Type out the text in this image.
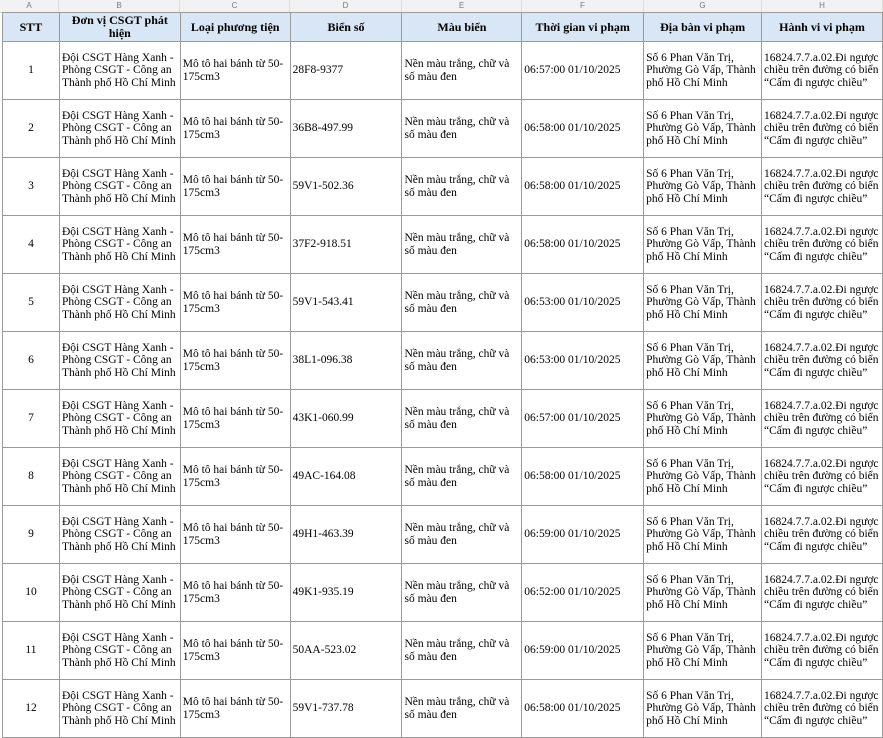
A	B	C	D	E	F	G	H
STT	Đơn vị CSGT phát hiện	Loại phương tiện	Biển số	Màu biển	Thời gian vi phạm	Địa bàn vi phạm	Hành vi vi phạm
1	Đội CSGT Hàng Xanh - Phòng CSGT - Công an Thành phố Hồ Chí Minh	Mô tô hai bánh từ 50-175cm3	28F8-9377	Nền màu trắng, chữ và số màu đen	06:57:00 01/10/2025	Số 6 Phan Văn Trị, Phường Gò Vấp, Thành phố Hồ Chí Minh	16824.7.7.a.02.Đi ngược chiều trên đường có biển “Cấm đi ngược chiều”
2	Đội CSGT Hàng Xanh - Phòng CSGT - Công an Thành phố Hồ Chí Minh	Mô tô hai bánh từ 50-175cm3	36B8-497.99	Nền màu trắng, chữ và số màu đen	06:58:00 01/10/2025	Số 6 Phan Văn Trị, Phường Gò Vấp, Thành phố Hồ Chí Minh	16824.7.7.a.02.Đi ngược chiều trên đường có biển “Cấm đi ngược chiều”
3	Đội CSGT Hàng Xanh - Phòng CSGT - Công an Thành phố Hồ Chí Minh	Mô tô hai bánh từ 50-175cm3	59V1-502.36	Nền màu trắng, chữ và số màu đen	06:58:00 01/10/2025	Số 6 Phan Văn Trị, Phường Gò Vấp, Thành phố Hồ Chí Minh	16824.7.7.a.02.Đi ngược chiều trên đường có biển “Cấm đi ngược chiều”
4	Đội CSGT Hàng Xanh - Phòng CSGT - Công an Thành phố Hồ Chí Minh	Mô tô hai bánh từ 50-175cm3	37F2-918.51	Nền màu trắng, chữ và số màu đen	06:58:00 01/10/2025	Số 6 Phan Văn Trị, Phường Gò Vấp, Thành phố Hồ Chí Minh	16824.7.7.a.02.Đi ngược chiều trên đường có biển “Cấm đi ngược chiều”
5	Đội CSGT Hàng Xanh - Phòng CSGT - Công an Thành phố Hồ Chí Minh	Mô tô hai bánh từ 50-175cm3	59V1-543.41	Nền màu trắng, chữ và số màu đen	06:53:00 01/10/2025	Số 6 Phan Văn Trị, Phường Gò Vấp, Thành phố Hồ Chí Minh	16824.7.7.a.02.Đi ngược chiều trên đường có biển “Cấm đi ngược chiều”
6	Đội CSGT Hàng Xanh - Phòng CSGT - Công an Thành phố Hồ Chí Minh	Mô tô hai bánh từ 50-175cm3	38L1-096.38	Nền màu trắng, chữ và số màu đen	06:53:00 01/10/2025	Số 6 Phan Văn Trị, Phường Gò Vấp, Thành phố Hồ Chí Minh	16824.7.7.a.02.Đi ngược chiều trên đường có biển “Cấm đi ngược chiều”
7	Đội CSGT Hàng Xanh - Phòng CSGT - Công an Thành phố Hồ Chí Minh	Mô tô hai bánh từ 50-175cm3	43K1-060.99	Nền màu trắng, chữ và số màu đen	06:57:00 01/10/2025	Số 6 Phan Văn Trị, Phường Gò Vấp, Thành phố Hồ Chí Minh	16824.7.7.a.02.Đi ngược chiều trên đường có biển “Cấm đi ngược chiều”
8	Đội CSGT Hàng Xanh - Phòng CSGT - Công an Thành phố Hồ Chí Minh	Mô tô hai bánh từ 50-175cm3	49AC-164.08	Nền màu trắng, chữ và số màu đen	06:58:00 01/10/2025	Số 6 Phan Văn Trị, Phường Gò Vấp, Thành phố Hồ Chí Minh	16824.7.7.a.02.Đi ngược chiều trên đường có biển “Cấm đi ngược chiều”
9	Đội CSGT Hàng Xanh - Phòng CSGT - Công an Thành phố Hồ Chí Minh	Mô tô hai bánh từ 50-175cm3	49H1-463.39	Nền màu trắng, chữ và số màu đen	06:59:00 01/10/2025	Số 6 Phan Văn Trị, Phường Gò Vấp, Thành phố Hồ Chí Minh	16824.7.7.a.02.Đi ngược chiều trên đường có biển “Cấm đi ngược chiều”
10	Đội CSGT Hàng Xanh - Phòng CSGT - Công an Thành phố Hồ Chí Minh	Mô tô hai bánh từ 50-175cm3	49K1-935.19	Nền màu trắng, chữ và số màu đen	06:52:00 01/10/2025	Số 6 Phan Văn Trị, Phường Gò Vấp, Thành phố Hồ Chí Minh	16824.7.7.a.02.Đi ngược chiều trên đường có biển “Cấm đi ngược chiều”
11	Đội CSGT Hàng Xanh - Phòng CSGT - Công an Thành phố Hồ Chí Minh	Mô tô hai bánh từ 50-175cm3	50AA-523.02	Nền màu trắng, chữ và số màu đen	06:59:00 01/10/2025	Số 6 Phan Văn Trị, Phường Gò Vấp, Thành phố Hồ Chí Minh	16824.7.7.a.02.Đi ngược chiều trên đường có biển “Cấm đi ngược chiều”
12	Đội CSGT Hàng Xanh - Phòng CSGT - Công an Thành phố Hồ Chí Minh	Mô tô hai bánh từ 50-175cm3	59V1-737.78	Nền màu trắng, chữ và số màu đen	06:58:00 01/10/2025	Số 6 Phan Văn Trị, Phường Gò Vấp, Thành phố Hồ Chí Minh	16824.7.7.a.02.Đi ngược chiều trên đường có biển “Cấm đi ngược chiều”
